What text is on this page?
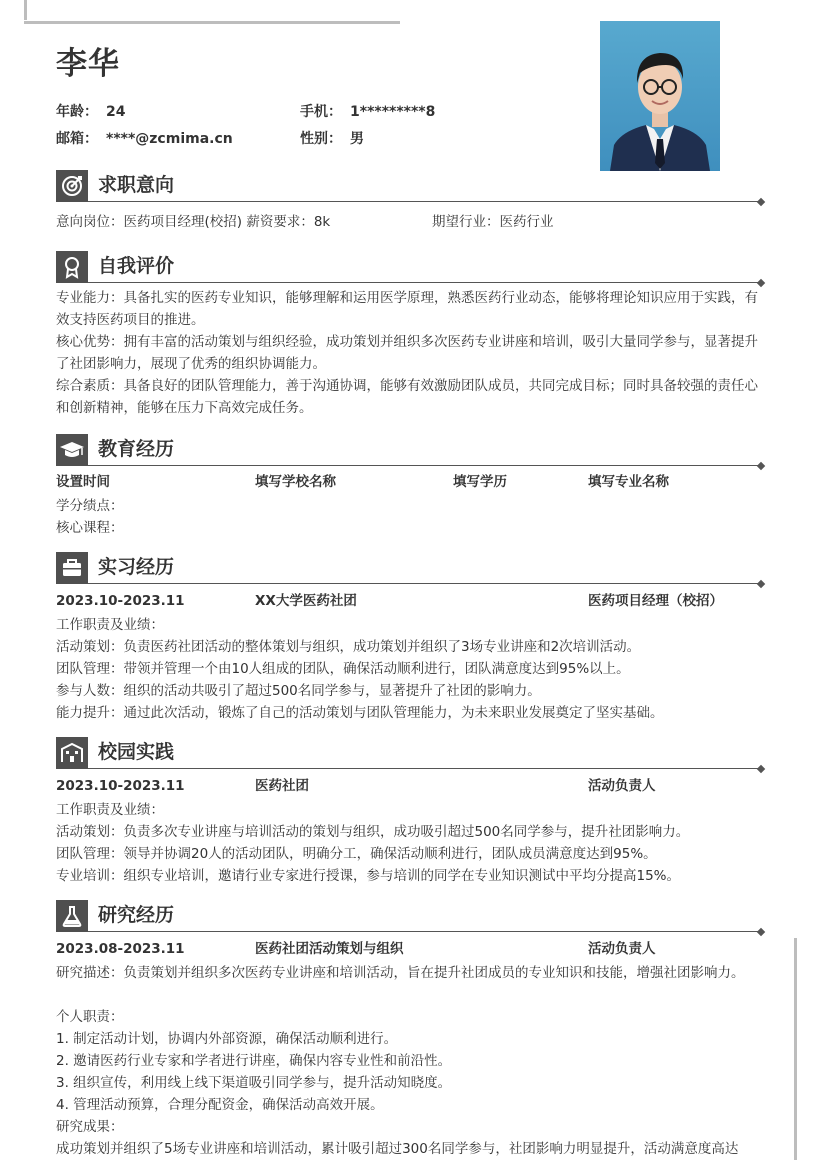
李华
年龄： 24	手机： 1*********8
邮箱： ****@zcmima.cn	性别： 男
求职意向
意向岗位：医药项目经理(校招) 薪资要求：8k	期望行业：医药行业
自我评价
专业能力：具备扎实的医药专业知识，能够理解和运用医学原理，熟悉医药行业动态，能够将理论知识应用于实践，有效支持医药项目的推进。
核心优势：拥有丰富的活动策划与组织经验，成功策划并组织多次医药专业讲座和培训，吸引大量同学参与，显著提升了社团影响力，展现了优秀的组织协调能力。
综合素质：具备良好的团队管理能力，善于沟通协调，能够有效激励团队成员，共同完成目标；同时具备较强的责任心和创新精神，能够在压力下高效完成任务。
教育经历
设置时间	填写学校名称	填写学历	填写专业名称
学分绩点：
核心课程：
实习经历
2023.10-2023.11	XX大学医药社团	医药项目经理（校招）
工作职责及业绩：
活动策划：负责医药社团活动的整体策划与组织，成功策划并组织了3场专业讲座和2次培训活动。
团队管理：带领并管理一个由10人组成的团队，确保活动顺利进行，团队满意度达到95%以上。
参与人数：组织的活动共吸引了超过500名同学参与，显著提升了社团的影响力。
能力提升：通过此次活动，锻炼了自己的活动策划与团队管理能力，为未来职业发展奠定了坚实基础。
校园实践
2023.10-2023.11	医药社团	活动负责人
工作职责及业绩：
活动策划：负责多次专业讲座与培训活动的策划与组织，成功吸引超过500名同学参与，提升社团影响力。
团队管理：领导并协调20人的活动团队，明确分工，确保活动顺利进行，团队成员满意度达到95%。
专业培训：组织专业培训，邀请行业专家进行授课，参与培训的同学在专业知识测试中平均分提高15%。
研究经历
2023.08-2023.11	医药社团活动策划与组织	活动负责人
研究描述：负责策划并组织多次医药专业讲座和培训活动，旨在提升社团成员的专业知识和技能，增强社团影响力。
个人职责：
1. 制定活动计划，协调内外部资源，确保活动顺利进行。
2. 邀请医药行业专家和学者进行讲座，确保内容专业性和前沿性。
3. 组织宣传，利用线上线下渠道吸引同学参与，提升活动知晓度。
4. 管理活动预算，合理分配资金，确保活动高效开展。
研究成果：
成功策划并组织了5场专业讲座和培训活动，累计吸引超过300名同学参与，社团影响力明显提升，活动满意度高达
